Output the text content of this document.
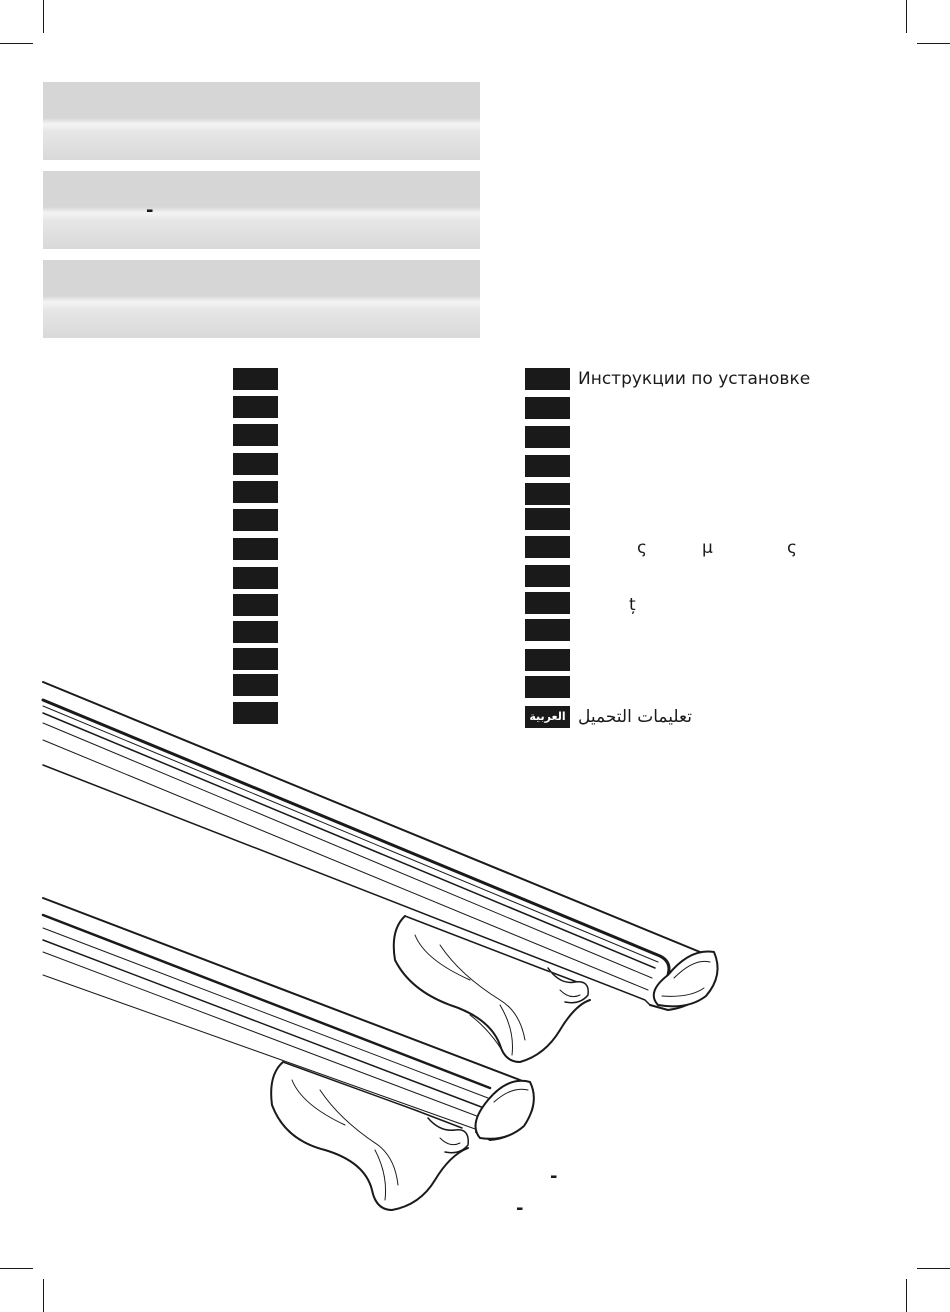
-
Инструкции по установке
العربية تعليمات التحميل
ς	μ	ς
ț
-
-
